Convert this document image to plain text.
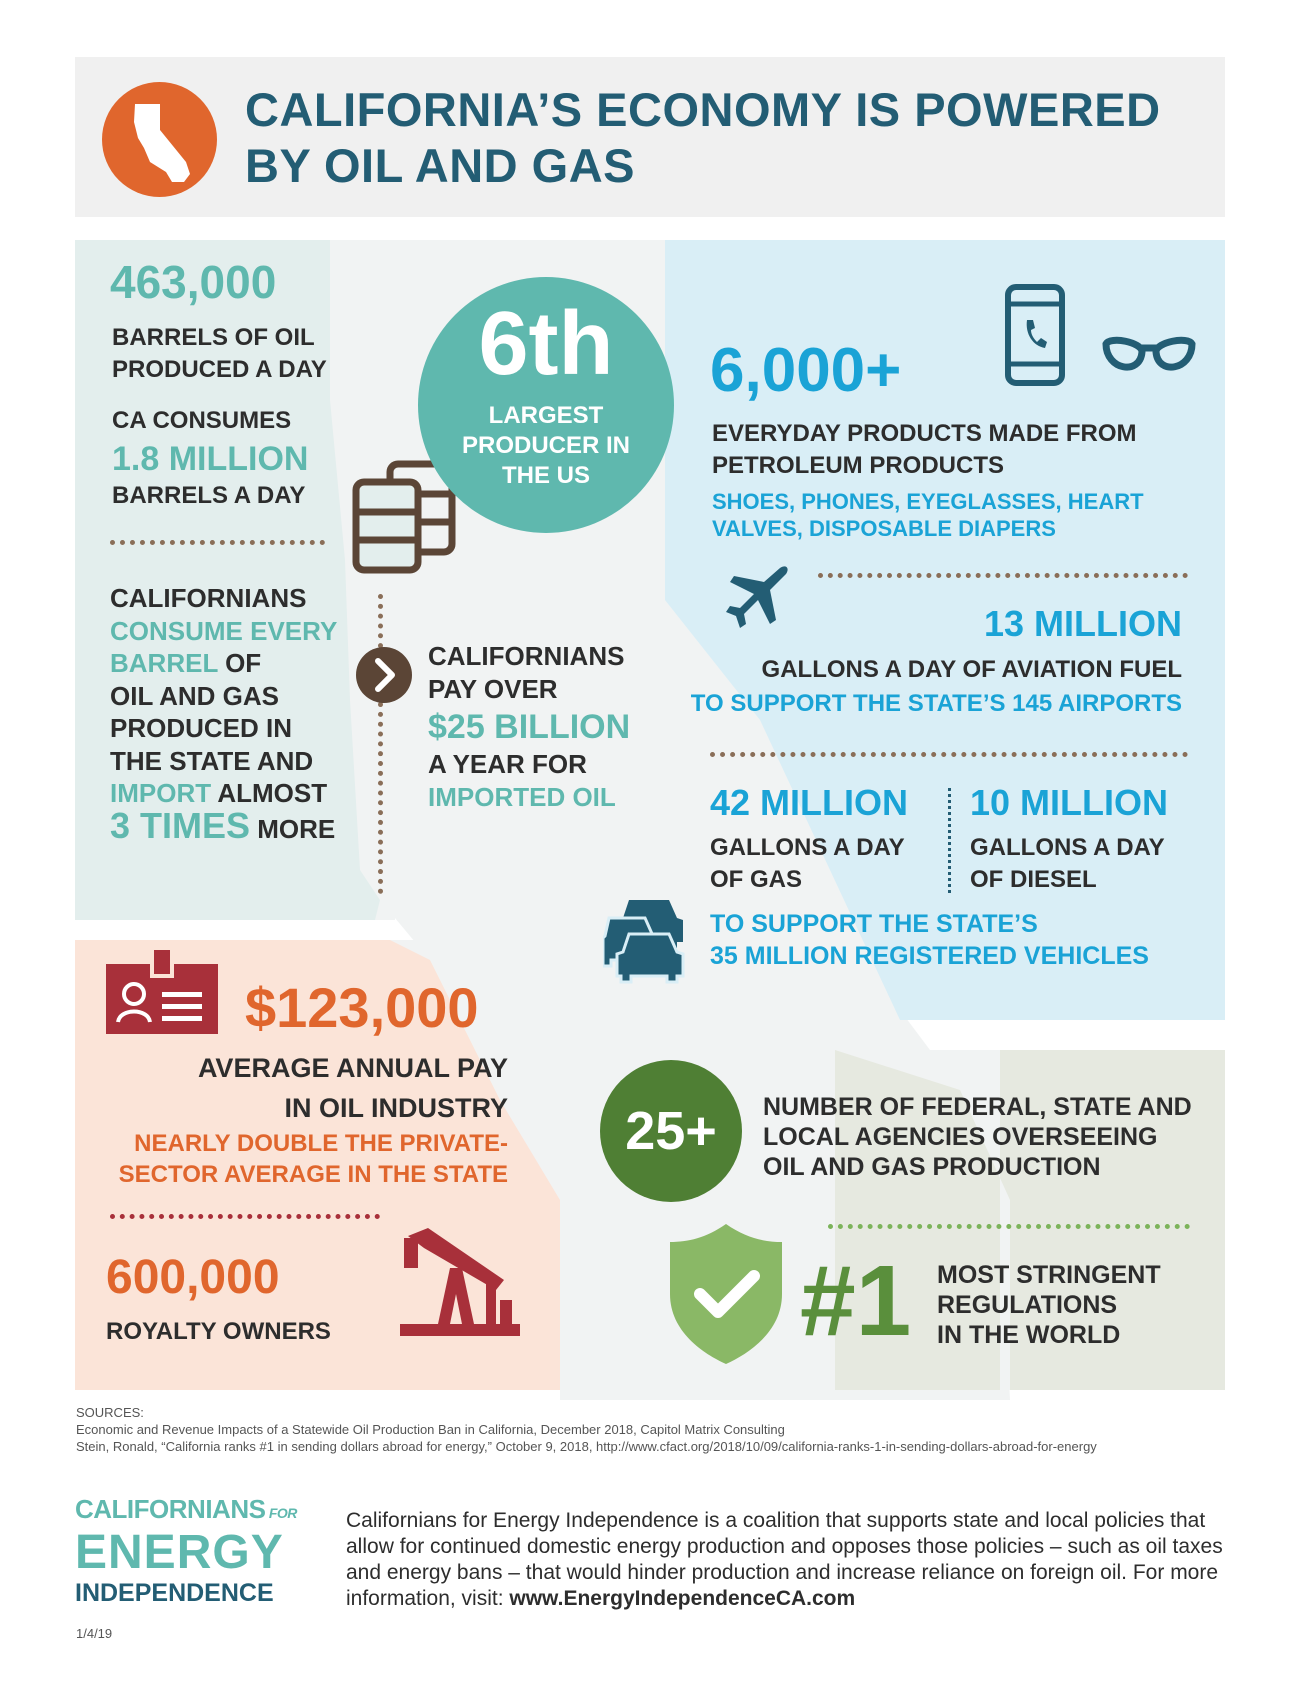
CALIFORNIA’S ECONOMY IS POWERED BY OIL AND GAS
463,000
BARRELS OF OIL PRODUCED A DAY
CA CONSUMES
1.8 MILLION
BARRELS A DAY
CALIFORNIANS
CONSUME EVERY
BARREL OF
OIL AND GAS
PRODUCED IN
THE STATE AND
IMPORT ALMOST
3 TIMES MORE
6th
LARGEST PRODUCER IN THE US
CALIFORNIANS
PAY OVER
$25 BILLION
A YEAR FOR
IMPORTED OIL
6,000+
EVERYDAY PRODUCTS MADE FROM PETROLEUM PRODUCTS
SHOES, PHONES, EYEGLASSES, HEART VALVES, DISPOSABLE DIAPERS
13 MILLION
GALLONS A DAY OF AVIATION FUEL
TO SUPPORT THE STATE’S 145 AIRPORTS
42 MILLION
GALLONS A DAY OF GAS
10 MILLION
GALLONS A DAY OF DIESEL
TO SUPPORT THE STATE’S
35 MILLION REGISTERED VEHICLES
$123,000
AVERAGE ANNUAL PAY
IN OIL INDUSTRY
NEARLY DOUBLE THE PRIVATE-
SECTOR AVERAGE IN THE STATE
600,000
ROYALTY OWNERS
25+	NUMBER OF FEDERAL, STATE AND LOCAL AGENCIES OVERSEEING OIL AND GAS PRODUCTION
#1 MOST STRINGENT
REGULATIONS
IN THE WORLD
SOURCES:
Economic and Revenue Impacts of a Statewide Oil Production Ban in California, December 2018, Capitol Matrix Consulting
Stein, Ronald, “California ranks #1 in sending dollars abroad for energy,” October 9, 2018, http://www.cfact.org/2018/10/09/california-ranks-1-in-sending-dollars-abroad-for-energy
CALIFORNIANS FOR
ENERGY
INDEPENDENCE
Californians for Energy Independence is a coalition that supports state and local policies that allow for continued domestic energy production and opposes those policies – such as oil taxes and energy bans – that would hinder production and increase reliance on foreign oil. For more information, visit: www.EnergyIndependenceCA.com
1/4/19
